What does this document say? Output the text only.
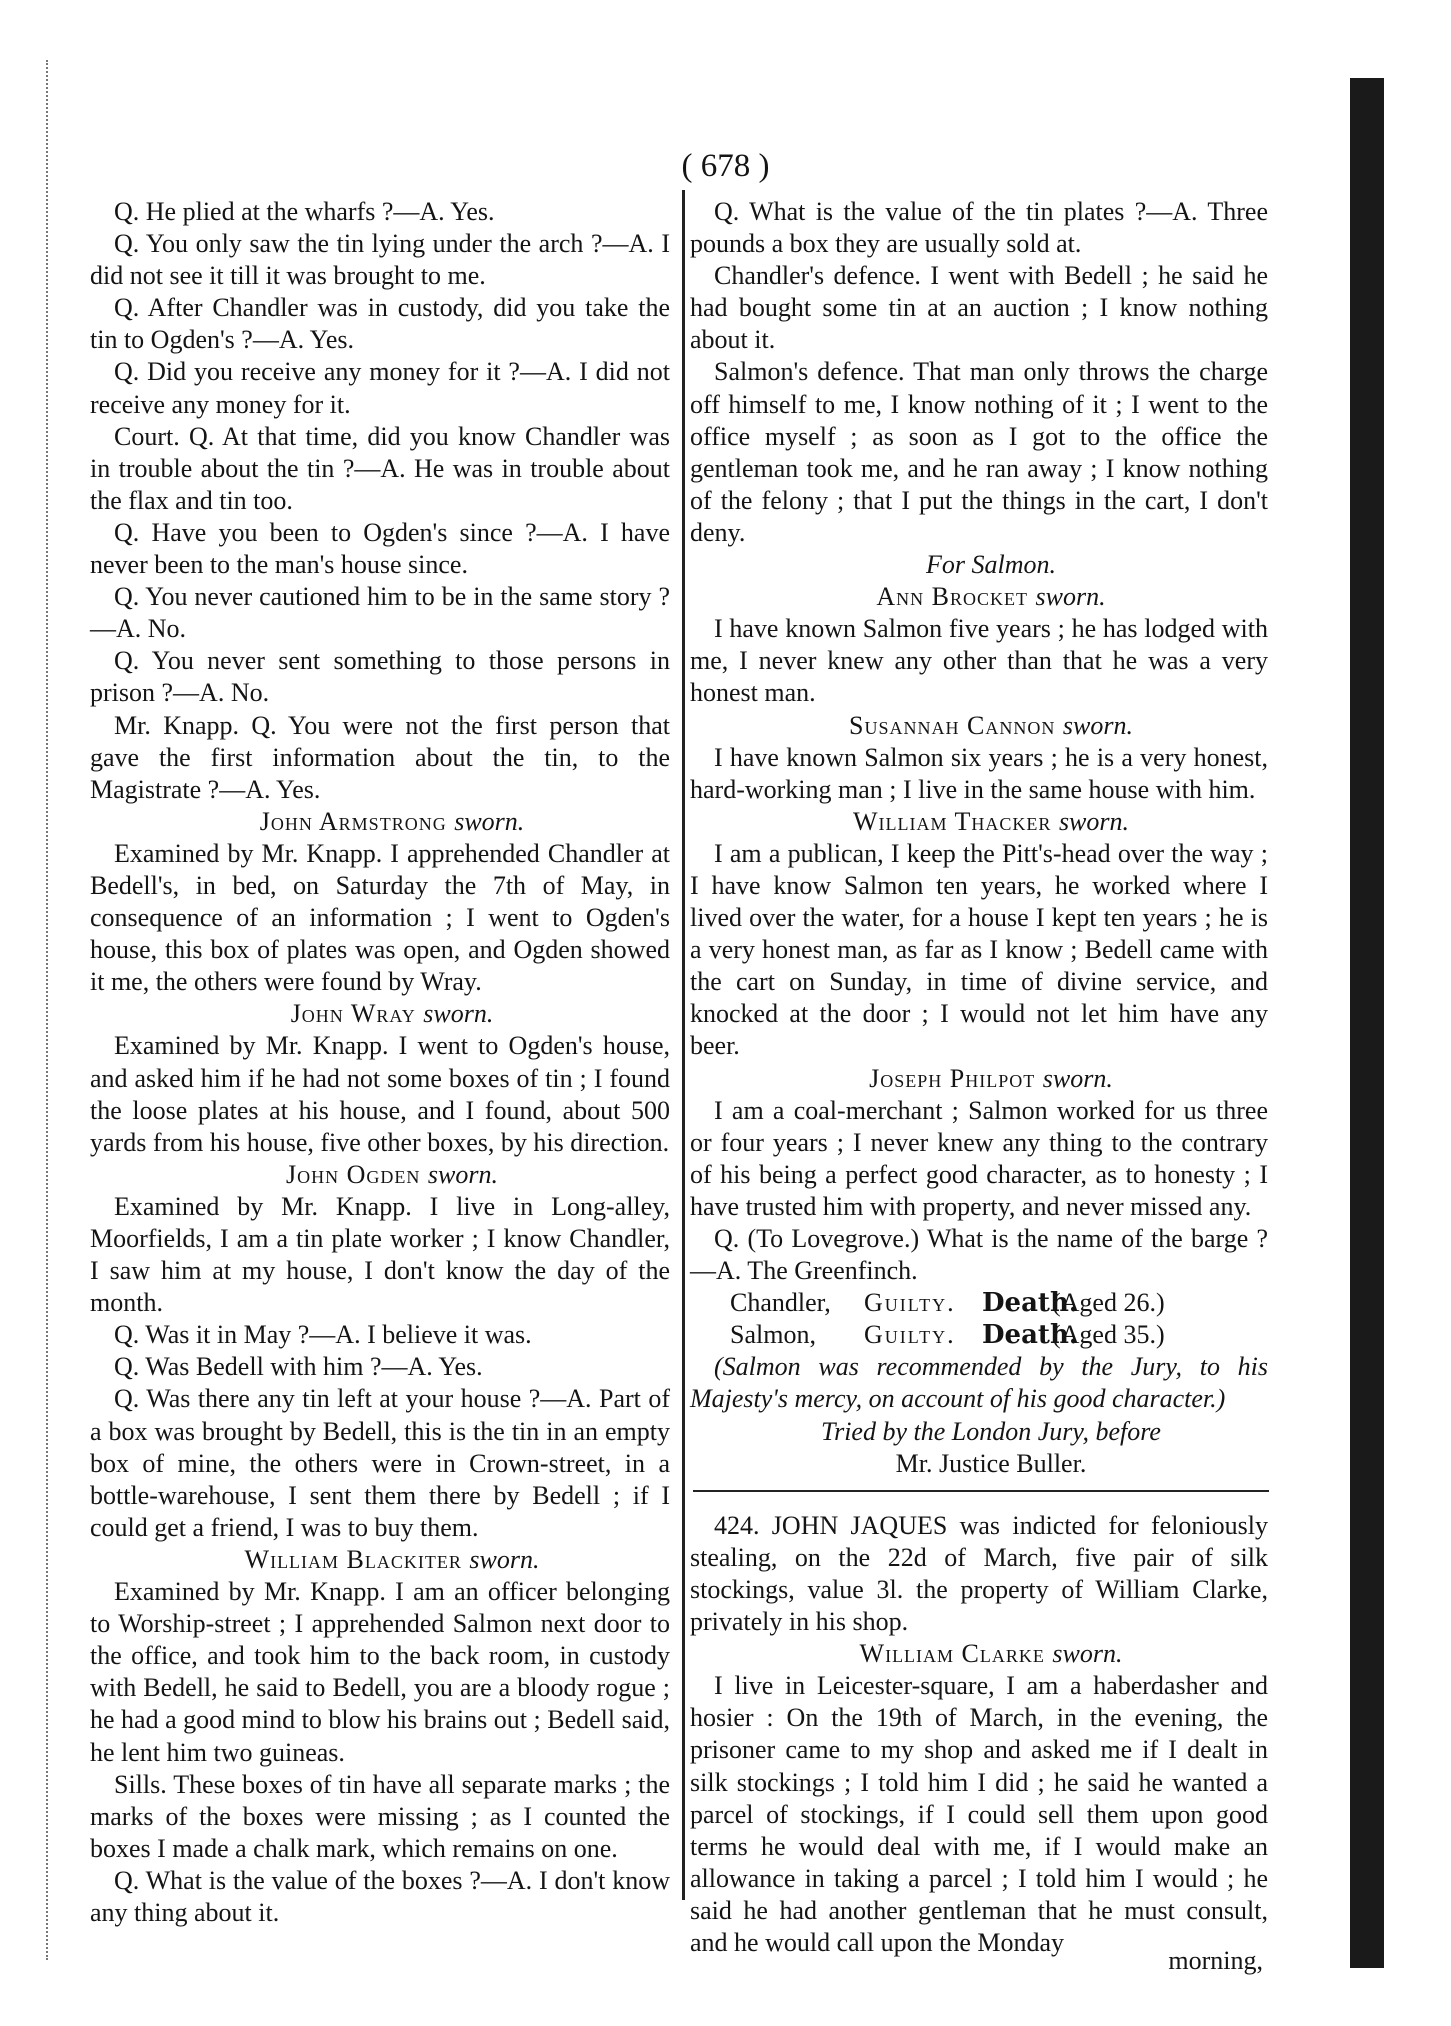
( 678 )

Q. He plied at the wharfs ?—A. Yes.

Q. You only saw the tin lying under the arch ?—A. I did not see it till it was brought to me.

Q. After Chandler was in custody, did you take the tin to Ogden's ?—A. Yes.

Q. Did you receive any money for it ?—A. I did not receive any money for it.

Court. Q. At that time, did you know Chandler was in trouble about the tin ?—A. He was in trouble about the flax and tin too.

Q. Have you been to Ogden's since ?—A. I have never been to the man's house since.

Q. You never cautioned him to be in the same story ?—A. No.

Q. You never sent something to those persons in prison ?—A. No.

Mr. Knapp. Q. You were not the first person that gave the first information about the tin, to the Magistrate ?—A. Yes.

John Armstrong sworn.

Examined by Mr. Knapp. I apprehended Chandler at Bedell's, in bed, on Saturday the 7th of May, in consequence of an information ; I went to Ogden's house, this box of plates was open, and Ogden showed it me, the others were found by Wray.

John Wray sworn.

Examined by Mr. Knapp. I went to Ogden's house, and asked him if he had not some boxes of tin ; I found the loose plates at his house, and I found, about 500 yards from his house, five other boxes, by his direction.

John Ogden sworn.

Examined by Mr. Knapp. I live in Long-alley, Moorfields, I am a tin plate worker ; I know Chandler, I saw him at my house, I don't know the day of the month.

Q. Was it in May ?—A. I believe it was.

Q. Was Bedell with him ?—A. Yes.

Q. Was there any tin left at your house ?—A. Part of a box was brought by Bedell, this is the tin in an empty box of mine, the others were in Crown-street, in a bottle-warehouse, I sent them there by Bedell ; if I could get a friend, I was to buy them.

William Blackiter sworn.

Examined by Mr. Knapp. I am an officer belonging to Worship-street ; I apprehended Salmon next door to the office, and took him to the back room, in custody with Bedell, he said to Bedell, you are a bloody rogue ; he had a good mind to blow his brains out ; Bedell said, he lent him two guineas.

Sills. These boxes of tin have all separate marks ; the marks of the boxes were missing ; as I counted the boxes I made a chalk mark, which remains on one.

Q. What is the value of the boxes ?—A. I don't know any thing about it.

Q. What is the value of the tin plates ?—A. Three pounds a box they are usually sold at.

Chandler's defence. I went with Bedell ; he said he had bought some tin at an auction ; I know nothing about it.

Salmon's defence. That man only throws the charge off himself to me, I know nothing of it ; I went to the office myself ; as soon as I got to the office the gentleman took me, and he ran away ; I know nothing of the felony ; that I put the things in the cart, I don't deny.

For Salmon.

Ann Brocket sworn.

I have known Salmon five years ; he has lodged with me, I never knew any other than that he was a very honest man.

Susannah Cannon sworn.

I have known Salmon six years ; he is a very honest, hard-working man ; I live in the same house with him.

William Thacker sworn.

I am a publican, I keep the Pitt's-head over the way ; I have know Salmon ten years, he worked where I lived over the water, for a house I kept ten years ; he is a very honest man, as far as I know ; Bedell came with the cart on Sunday, in time of divine service, and knocked at the door ; I would not let him have any beer.

Joseph Philpot sworn.

I am a coal-merchant ; Salmon worked for us three or four years ; I never knew any thing to the contrary of his being a perfect good character, as to honesty ; I have trusted him with property, and never missed any.

Q. (To Lovegrove.) What is the name of the barge ?—A. The Greenfinch.

Chandler, Guilty. Death.(Aged 26.)
Salmon, Guilty. Death.(Aged 35.)

(Salmon was recommended by the Jury, to his Majesty's mercy, on account of his good character.)

Tried by the London Jury, before

Mr. Justice Buller.

424. JOHN JAQUES was indicted for feloniously stealing, on the 22d of March, five pair of silk stockings, value 3l. the property of William Clarke, privately in his shop.

William Clarke sworn.

I live in Leicester-square, I am a haberdasher and hosier : On the 19th of March, in the evening, the prisoner came to my shop and asked me if I dealt in silk stockings ; I told him I did ; he said he wanted a parcel of stockings, if I could sell them upon good terms he would deal with me, if I would make an allowance in taking a parcel ; I told him I would ; he said he had another gentleman that he must consult, and he would call upon the Monday

morning,
